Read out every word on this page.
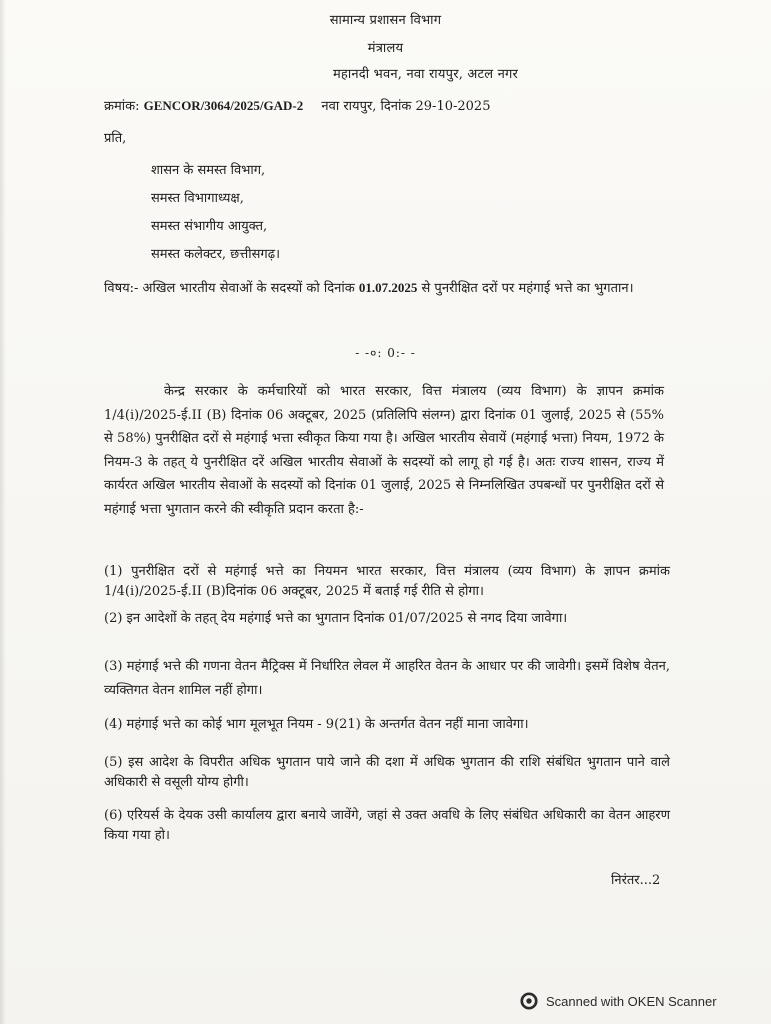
सामान्य प्रशासन विभाग
मंत्रालय
महानदी भवन, नवा रायपुर, अटल नगर
क्रमांक: GENCOR/3064/2025/GAD-2 नवा रायपुर, दिनांक 29-10-2025
प्रति,
शासन के समस्त विभाग,
समस्त विभागाध्यक्ष,
समस्त संभागीय आयुक्त,
समस्त कलेक्टर, छत्तीसगढ़।
विषय:- अखिल भारतीय सेवाओं के सदस्यों को दिनांक 01.07.2025 से पुनरीक्षित दरों पर महंगाई भत्ते का भुगतान।
- -०: 0:- -
केन्द्र सरकार के कर्मचारियों को भारत सरकार, वित्त मंत्रालय (व्यय विभाग) के ज्ञापन क्रमांक 1/4(i)/2025-ई.II (B) दिनांक 06 अक्टूबर, 2025 (प्रतिलिपि संलग्न) द्वारा दिनांक 01 जुलाई, 2025 से (55% से 58%) पुनरीक्षित दरों से महंगाई भत्ता स्वीकृत किया गया है। अखिल भारतीय सेवायें (महंगाई भत्ता) नियम, 1972 के नियम-3 के तहत् ये पुनरीक्षित दरें अखिल भारतीय सेवाओं के सदस्यों को लागू हो गई है। अतः राज्य शासन, राज्य में कार्यरत अखिल भारतीय सेवाओं के सदस्यों को दिनांक 01 जुलाई, 2025 से निम्नलिखित उपबन्धों पर पुनरीक्षित दरों से महंगाई भत्ता भुगतान करने की स्वीकृति प्रदान करता है:-
(1) पुनरीक्षित दरों से महंगाई भत्ते का नियमन भारत सरकार, वित्त मंत्रालय (व्यय विभाग) के ज्ञापन क्रमांक 1/4(i)/2025-ई.II (B)दिनांक 06 अक्टूबर, 2025 में बताई गई रीति से होगा।
(2) इन आदेशों के तहत् देय महंगाई भत्ते का भुगतान दिनांक 01/07/2025 से नगद दिया जावेगा।
(3) महंगाई भत्ते की गणना वेतन मैट्रिक्स में निर्धारित लेवल में आहरित वेतन के आधार पर की जावेगी। इसमें विशेष वेतन, व्यक्तिगत वेतन शामिल नहीं होगा।
(4) महंगाई भत्ते का कोई भाग मूलभूत नियम - 9(21) के अन्तर्गत वेतन नहीं माना जावेगा।
(5) इस आदेश के विपरीत अधिक भुगतान पाये जाने की दशा में अधिक भुगतान की राशि संबंधित भुगतान पाने वाले अधिकारी से वसूली योग्य होगी।
(6) एरियर्स के देयक उसी कार्यालय द्वारा बनाये जावेंगे, जहां से उक्त अवधि के लिए संबंधित अधिकारी का वेतन आहरण किया गया हो।
निरंतर...2
Scanned with OKEN Scanner
